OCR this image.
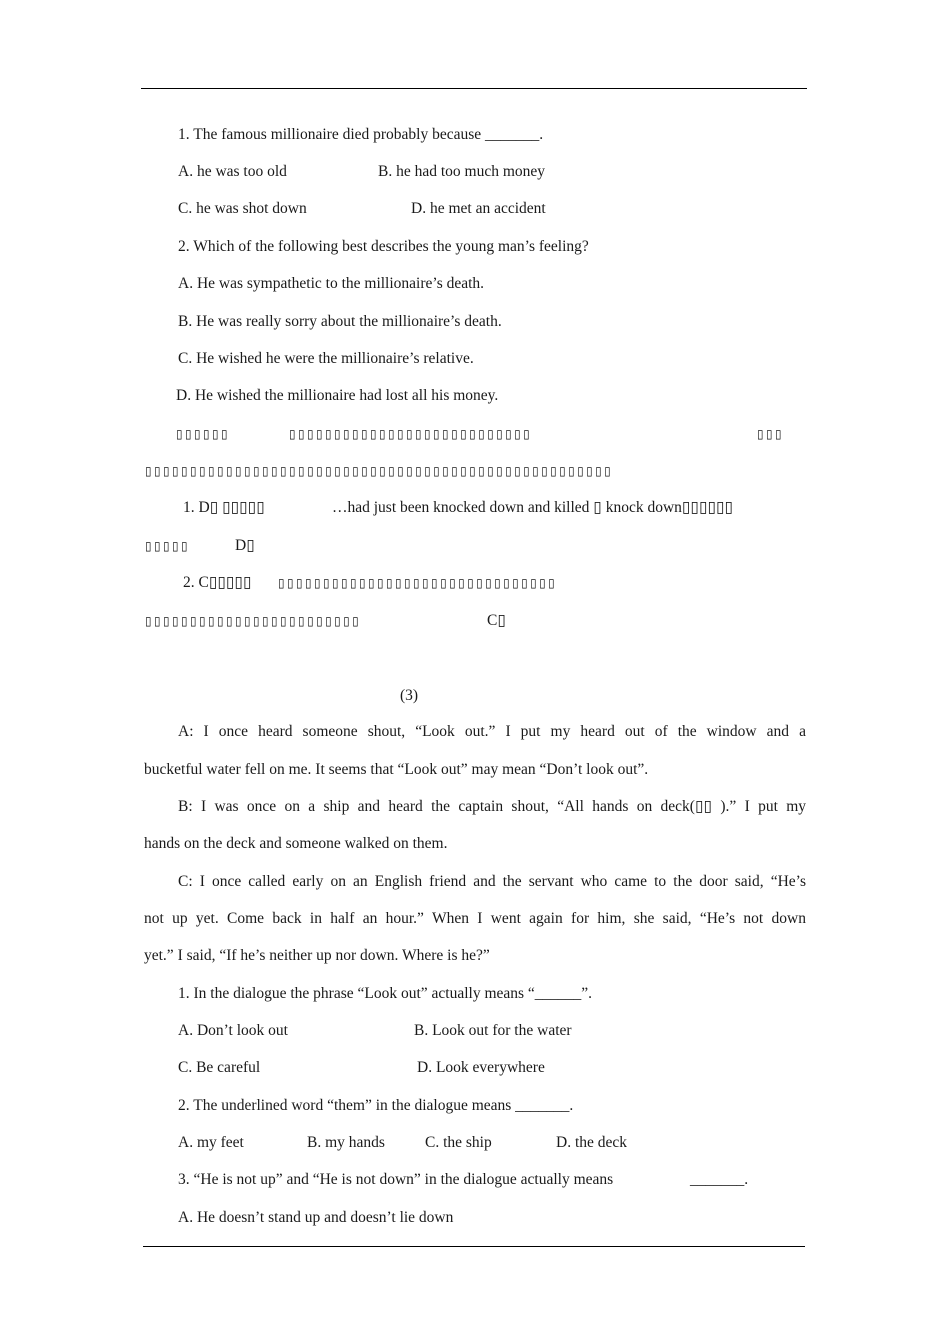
1. The famous millionaire died probably because _______.
A. he was too old	B. he had too much money
C. he was shot down	D. he met an accident
2. Which of the following best describes the young man’s feeling?
A. He was sympathetic to the millionaire’s death.
B. He was really sorry about the millionaire’s death.
C. He wished he were the millionaire’s relative.
D. He wished the millionaire had lost all his money.
▯▯▯▯▯▯	▯▯▯▯▯▯▯▯▯▯▯▯▯▯▯▯▯▯▯▯▯▯▯▯▯▯▯	▯▯▯
▯▯▯▯▯▯▯▯▯▯▯▯▯▯▯▯▯▯▯▯▯▯▯▯▯▯▯▯▯▯▯▯▯▯▯▯▯▯▯▯▯▯▯▯▯▯▯▯▯▯▯▯
1. D▯ ▯▯▯▯▯	…had just been knocked down and killed ▯ knock down▯▯▯▯▯▯
▯▯▯▯▯	D▯
2. C▯▯▯▯▯ ▯▯▯▯▯▯▯▯▯▯▯▯▯▯▯▯▯▯▯▯▯▯▯▯▯▯▯▯▯▯▯
▯▯▯▯▯▯▯▯▯▯▯▯▯▯▯▯▯▯▯▯▯▯▯▯	C▯
(3)
A: I once heard someone shout, “Look out.” I put my heard out of the window and a
bucketful water fell on me. It seems that “Look out” may mean “Don’t look out”.
B: I was once on a ship and heard the captain shout, “All hands on deck(▯▯ ).” I put my
hands on the deck and someone walked on them.
C: I once called early on an English friend and the servant who came to the door said, “He’s
not up yet. Come back in half an hour.” When I went again for him, she said, “He’s not down
yet.” I said, “If he’s neither up nor down. Where is he?”
1. In the dialogue the phrase “Look out” actually means “______”.
A. Don’t look out	B. Look out for the water
C. Be careful	D. Look everywhere
2. The underlined word “them” in the dialogue means _______.
A. my feet	B. my hands	C. the ship	D. the deck
3. “He is not up” and “He is not down” in the dialogue actually means	_______.
A. He doesn’t stand up and doesn’t lie down
